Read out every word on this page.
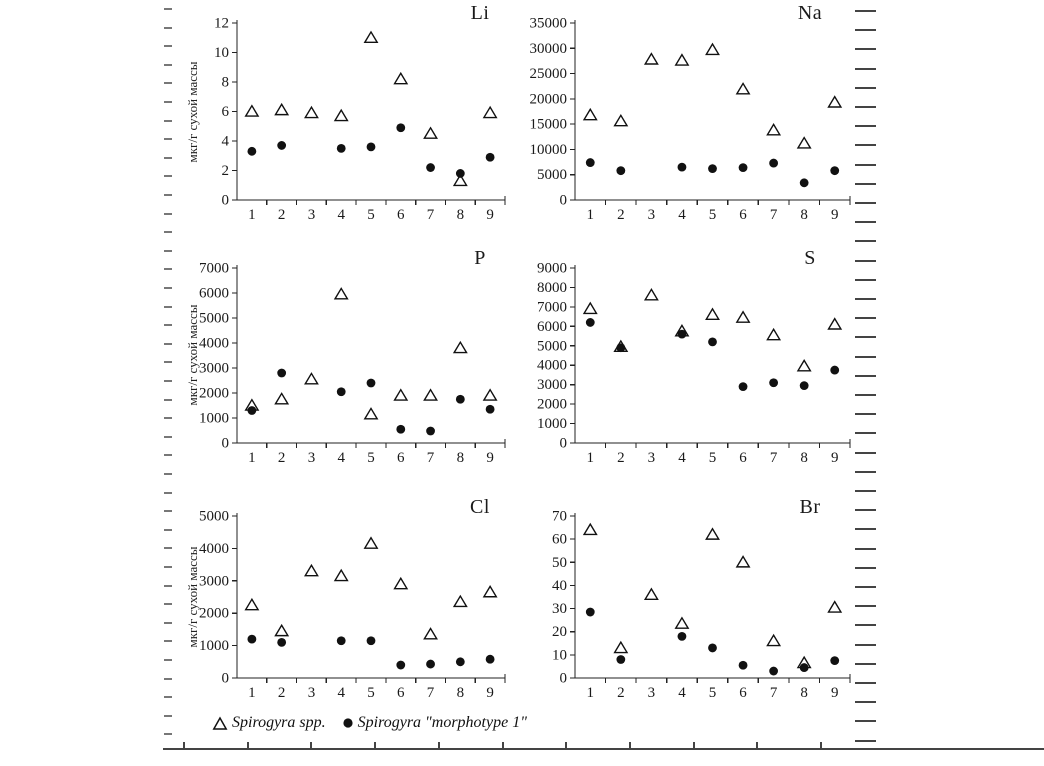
Li
мкг/г сухой массы
0
2
4
6
8
10
12
1 2 3 4 5 6 7 8 9
Na
0
5000
10000
15000
20000
25000
30000
35000
1 2 3 4 5 6 7 8 9
P
мкг/г сухой массы
0
1000
2000
3000
4000
5000
6000
7000
1 2 3 4 5 6 7 8 9
S
0
1000
2000
3000
4000
5000
6000
7000
8000
9000
1 2 3 4 5 6 7 8 9
Cl
мкг/г сухой массы
0
1000
2000
3000
4000
5000
1 2 3 4 5 6 7 8 9
Br
0
10
20
30
40
50
60
70
1 2 3 4 5 6 7 8 9
Spirogyra spp. Spirogyra "morphotype 1"
